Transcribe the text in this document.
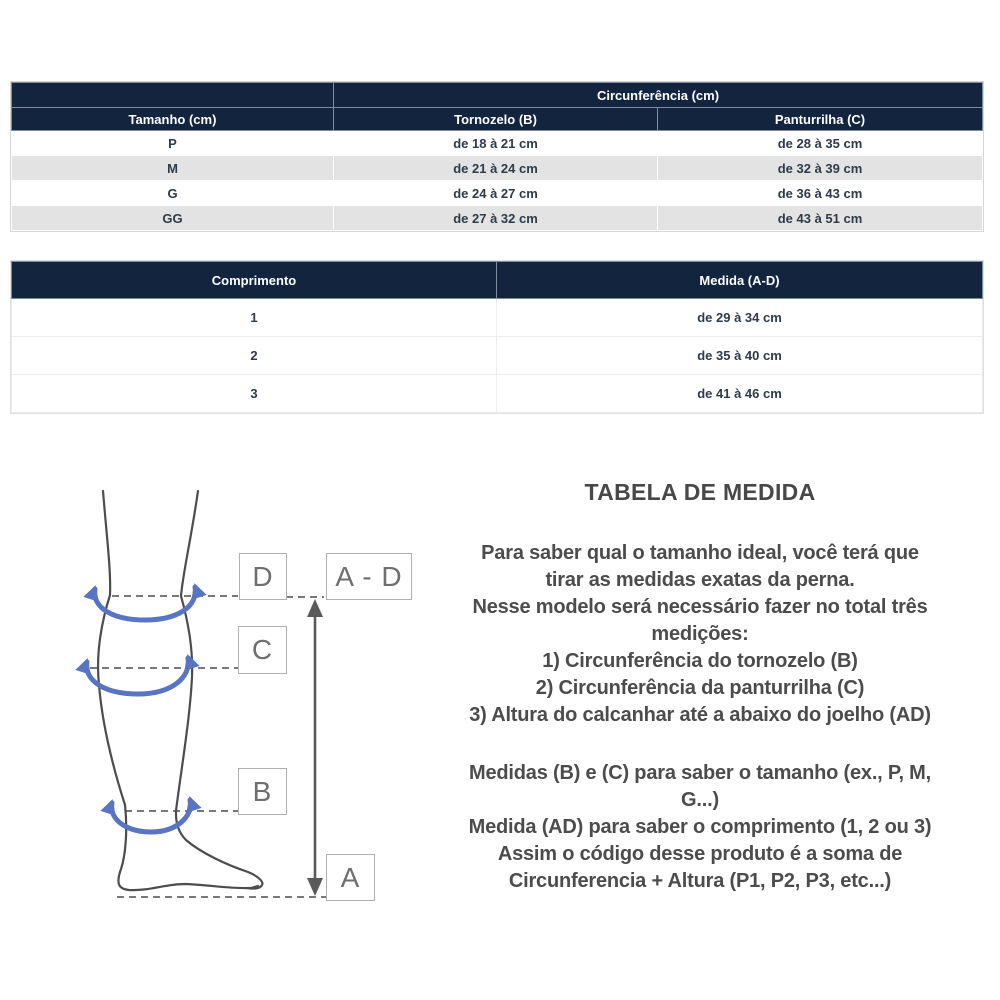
	Circunferência (cm)	
Tamanho (cm)	Tornozelo (B)	Panturrilha (C)
P	de 18 à 21 cm	de 28 à 35 cm
M	de 21 à 24 cm	de 32 à 39 cm
G	de 24 à 27 cm	de 36 à 43 cm
GG	de 27 à 32 cm	de 43 à 51 cm
Comprimento	Medida (A-D)
1	de 29 à 34 cm
2	de 35 à 40 cm
3	de 41 à 46 cm
D	A - D
C
B
A
TABELA DE MEDIDA
Para saber qual o tamanho ideal, você terá que
tirar as medidas exatas da perna.
Nesse modelo será necessário fazer no total três
medições:
1) Circunferência do tornozelo (B)
2) Circunferência da panturrilha (C)
3) Altura do calcanhar até a abaixo do joelho (AD)
Medidas (B) e (C) para saber o tamanho (ex., P, M,
G...)
Medida (AD) para saber o comprimento (1, 2 ou 3)
Assim o código desse produto é a soma de
Circunferencia + Altura (P1, P2, P3, etc...)
